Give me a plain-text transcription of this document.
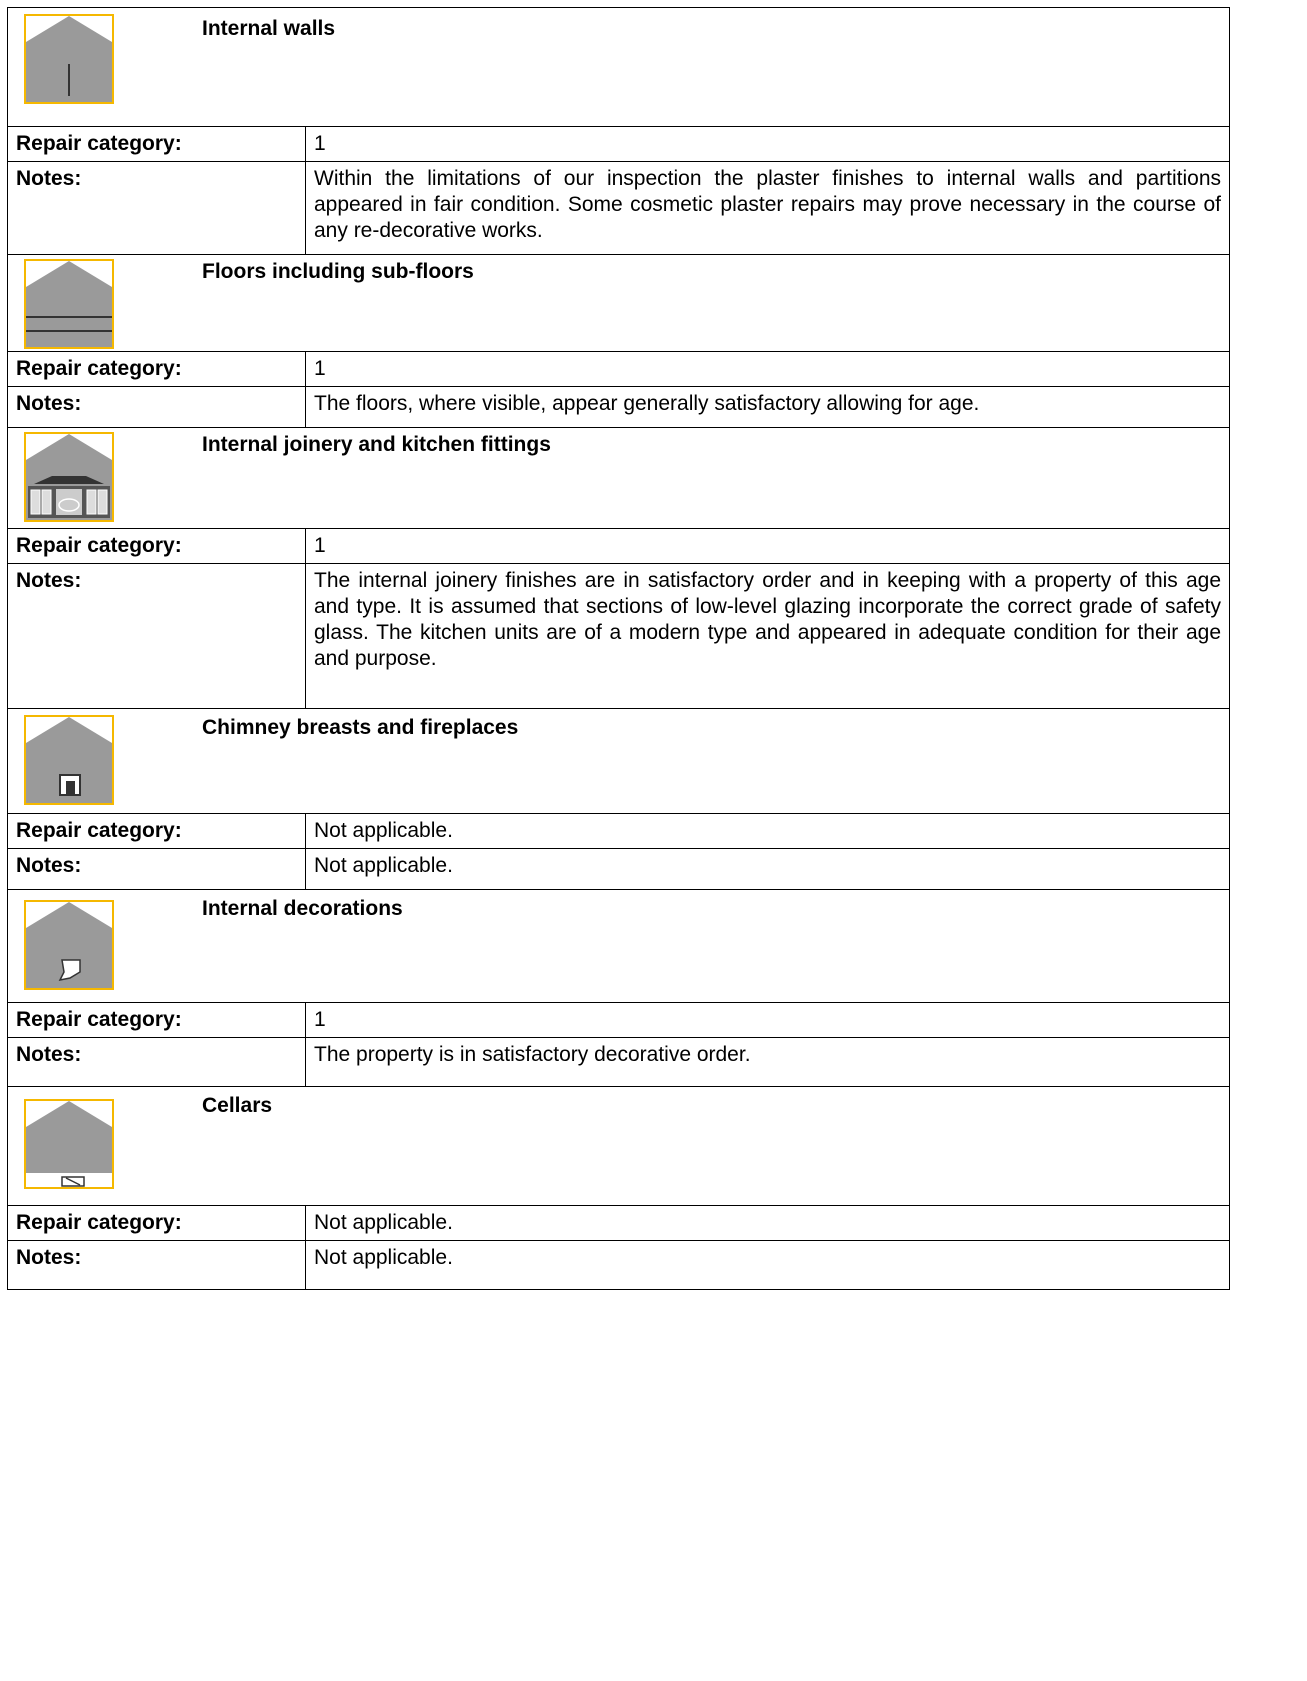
Internal walls	

Repair category:	1
Notes:	Within the limitations of our inspection the plaster finishes to internal walls and partitions appeared in fair condition. Some cosmetic plaster repairs may prove necessary in the course of any re-decorative works.

Floors including sub-floors	

Repair category:	1
Notes:	The floors, where visible, appear generally satisfactory allowing for age.

Internal joinery and kitchen fittings	

Repair category:	1
Notes:	The internal joinery finishes are in satisfactory order and in keeping with a property of this age and type. It is assumed that sections of low-level glazing incorporate the correct grade of safety glass. The kitchen units are of a modern type and appeared in adequate condition for their age and purpose.

Chimney breasts and fireplaces	

Repair category:	Not applicable.
Notes:	Not applicable.

Internal decorations	

Repair category:	1
Notes:	The property is in satisfactory decorative order.

Cellars	

Repair category:	Not applicable.
Notes:	Not applicable.
